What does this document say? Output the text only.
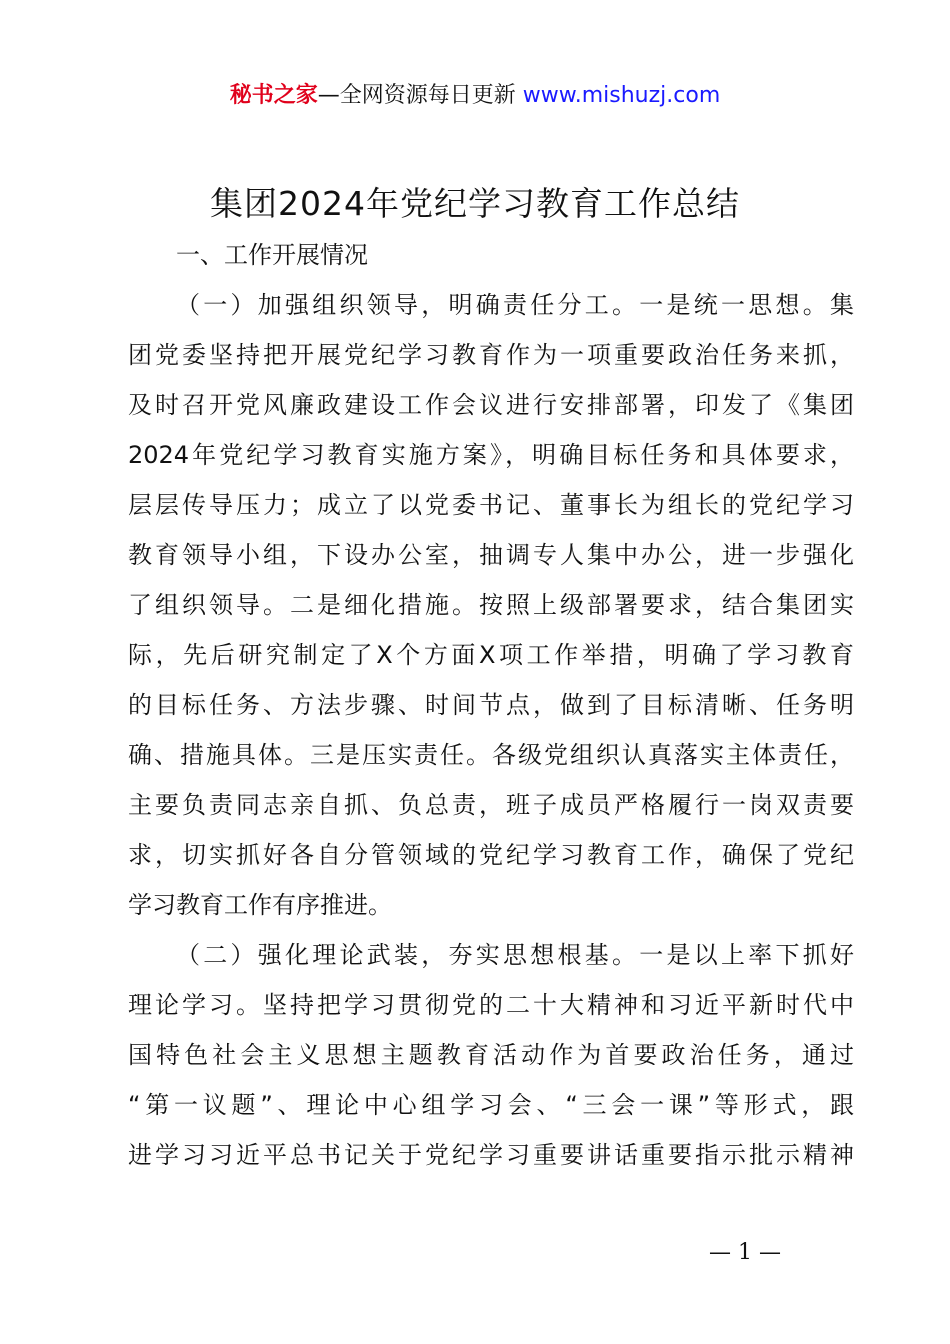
秘书之家—全网资源每日更新 www.mishuzj.com
集团2024年党纪学习教育工作总结
一、工作开展情况
（一）加强组织领导，明确责任分工。一是统一思想。集
团党委坚持把开展党纪学习教育作为一项重要政治任务来抓，
及时召开党风廉政建设工作会议进行安排部署，印发了《集团
2024年党纪学习教育实施方案》，明确目标任务和具体要求，
层层传导压力；成立了以党委书记、董事长为组长的党纪学习
教育领导小组，下设办公室，抽调专人集中办公，进一步强化
了组织领导。二是细化措施。按照上级部署要求，结合集团实
际，先后研究制定了X个方面X项工作举措，明确了学习教育
的目标任务、方法步骤、时间节点，做到了目标清晰、任务明
确、措施具体。三是压实责任。各级党组织认真落实主体责任，
主要负责同志亲自抓、负总责，班子成员严格履行一岗双责要
求，切实抓好各自分管领域的党纪学习教育工作，确保了党纪
学习教育工作有序推进。
（二）强化理论武装，夯实思想根基。一是以上率下抓好
理论学习。坚持把学习贯彻党的二十大精神和习近平新时代中
国特色社会主义思想主题教育活动作为首要政治任务，通过
“第一议题”、理论中心组学习会、“三会一课”等形式，跟
进学习习近平总书记关于党纪学习重要讲话重要指示批示精神
— 1 —
